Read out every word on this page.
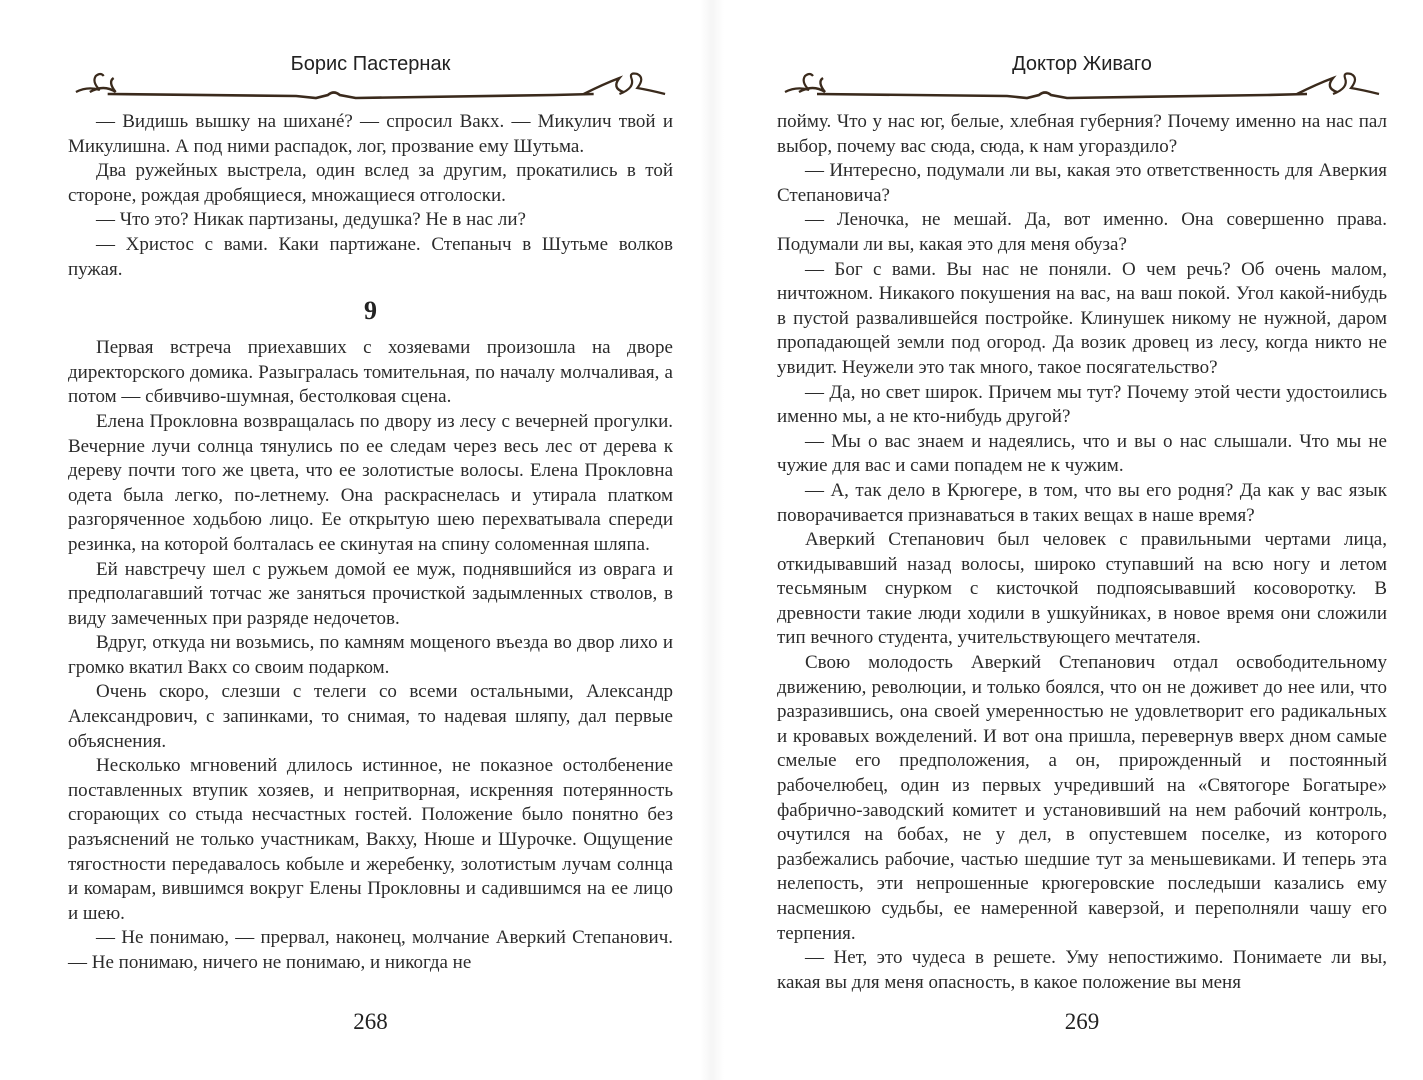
Борис Пастернак

— Видишь вышку на шиханé? — спросил Вакх. — Микулич твой и Микулишна. А под ними распадок, лог, прозвание ему Шутьма.

Два ружейных выстрела, один вслед за другим, прокатились в той стороне, рождая дробящиеся, множащиеся отголоски.

— Что это? Никак партизаны, дедушка? Не в нас ли?

— Христос с вами. Каки партижане. Степаныч в Шутьме волков пужая.

9

Первая встреча приехавших с хозяевами произошла на дворе директорского домика. Разыгралась томительная, по началу молчаливая, а потом — сбивчиво-шумная, бестолковая сцена.

Елена Прокловна возвращалась по двору из лесу с вечерней прогулки. Вечерние лучи солнца тянулись по ее следам через весь лес от дерева к дереву почти того же цвета, что ее золотистые волосы. Елена Прокловна одета была легко, по-летнему. Она раскраснелась и утирала платком разгоряченное ходьбою лицо. Ее открытую шею перехватывала спереди резинка, на которой болталась ее скинутая на спину соломенная шляпа.

Ей навстречу шел с ружьем домой ее муж, поднявшийся из оврага и предполагавший тотчас же заняться прочисткой задымленных стволов, в виду замеченных при разряде недочетов.

Вдруг, откуда ни возьмись, по камням мощеного въезда во двор лихо и громко вкатил Вакх со своим подарком.

Очень скоро, слезши с телеги со всеми остальными, Александр Александрович, с запинками, то снимая, то надевая шляпу, дал первые объяснения.

Несколько мгновений длилось истинное, не показное остолбенение поставленных втупик хозяев, и непритворная, искренняя потерянность сгорающих со стыда несчастных гостей. Положение было понятно без разъяснений не только участникам, Вакху, Нюше и Шурочке. Ощущение тягостности передавалось кобыле и жеребенку, золотистым лучам солнца и комарам, вившимся вокруг Елены Прокловны и садившимся на ее лицо и шею.

— Не понимаю, — прервал, наконец, молчание Аверкий Степанович. — Не понимаю, ничего не понимаю, и никогда не

268
Доктор Живаго

пойму. Что у нас юг, белые, хлебная губерния? Почему именно на нас пал выбор, почему вас сюда, сюда, к нам угораздило?

— Интересно, подумали ли вы, какая это ответственность для Аверкия Степановича?

— Леночка, не мешай. Да, вот именно. Она совершенно права. Подумали ли вы, какая это для меня обуза?

— Бог с вами. Вы нас не поняли. О чем речь? Об очень малом, ничтожном. Никакого покушения на вас, на ваш покой. Угол какой-нибудь в пустой развалившейся постройке. Клинушек никому не нужной, даром пропадающей земли под огород. Да возик дровец из лесу, когда никто не увидит. Неужели это так много, такое посягательство?

— Да, но свет широк. Причем мы тут? Почему этой чести удостоились именно мы, а не кто-нибудь другой?

— Мы о вас знаем и надеялись, что и вы о нас слышали. Что мы не чужие для вас и сами попадем не к чужим.

— А, так дело в Крюгере, в том, что вы его родня? Да как у вас язык поворачивается признаваться в таких вещах в наше время?

Аверкий Степанович был человек с правильными чертами лица, откидывавший назад волосы, широко ступавший на всю ногу и летом тесьмяным снурком с кисточкой подпоясывавший косоворотку. В древности такие люди ходили в ушкуйниках, в новое время они сложили тип вечного студента, учительствующего мечтателя.

Свою молодость Аверкий Степанович отдал освободительному движению, революции, и только боялся, что он не доживет до нее или, что разразившись, она своей умеренностью не удовлетворит его радикальных и кровавых вожделений. И вот она пришла, перевернув вверх дном самые смелые его предположения, а он, прирожденный и постоянный рабочелюбец, один из первых учредивший на «Святогоре Богатыре» фабрично-заводский комитет и установивший на нем рабочий контроль, очутился на бобах, не у дел, в опустевшем поселке, из которого разбежались рабочие, частью шедшие тут за меньшевиками. И теперь эта нелепость, эти непрошенные крюгеровские последыши казались ему насмешкою судьбы, ее намеренной каверзой, и переполняли чашу его терпения.

— Нет, это чудеса в решете. Уму непостижимо. Понимаете ли вы, какая вы для меня опасность, в какое положение вы меня

269
